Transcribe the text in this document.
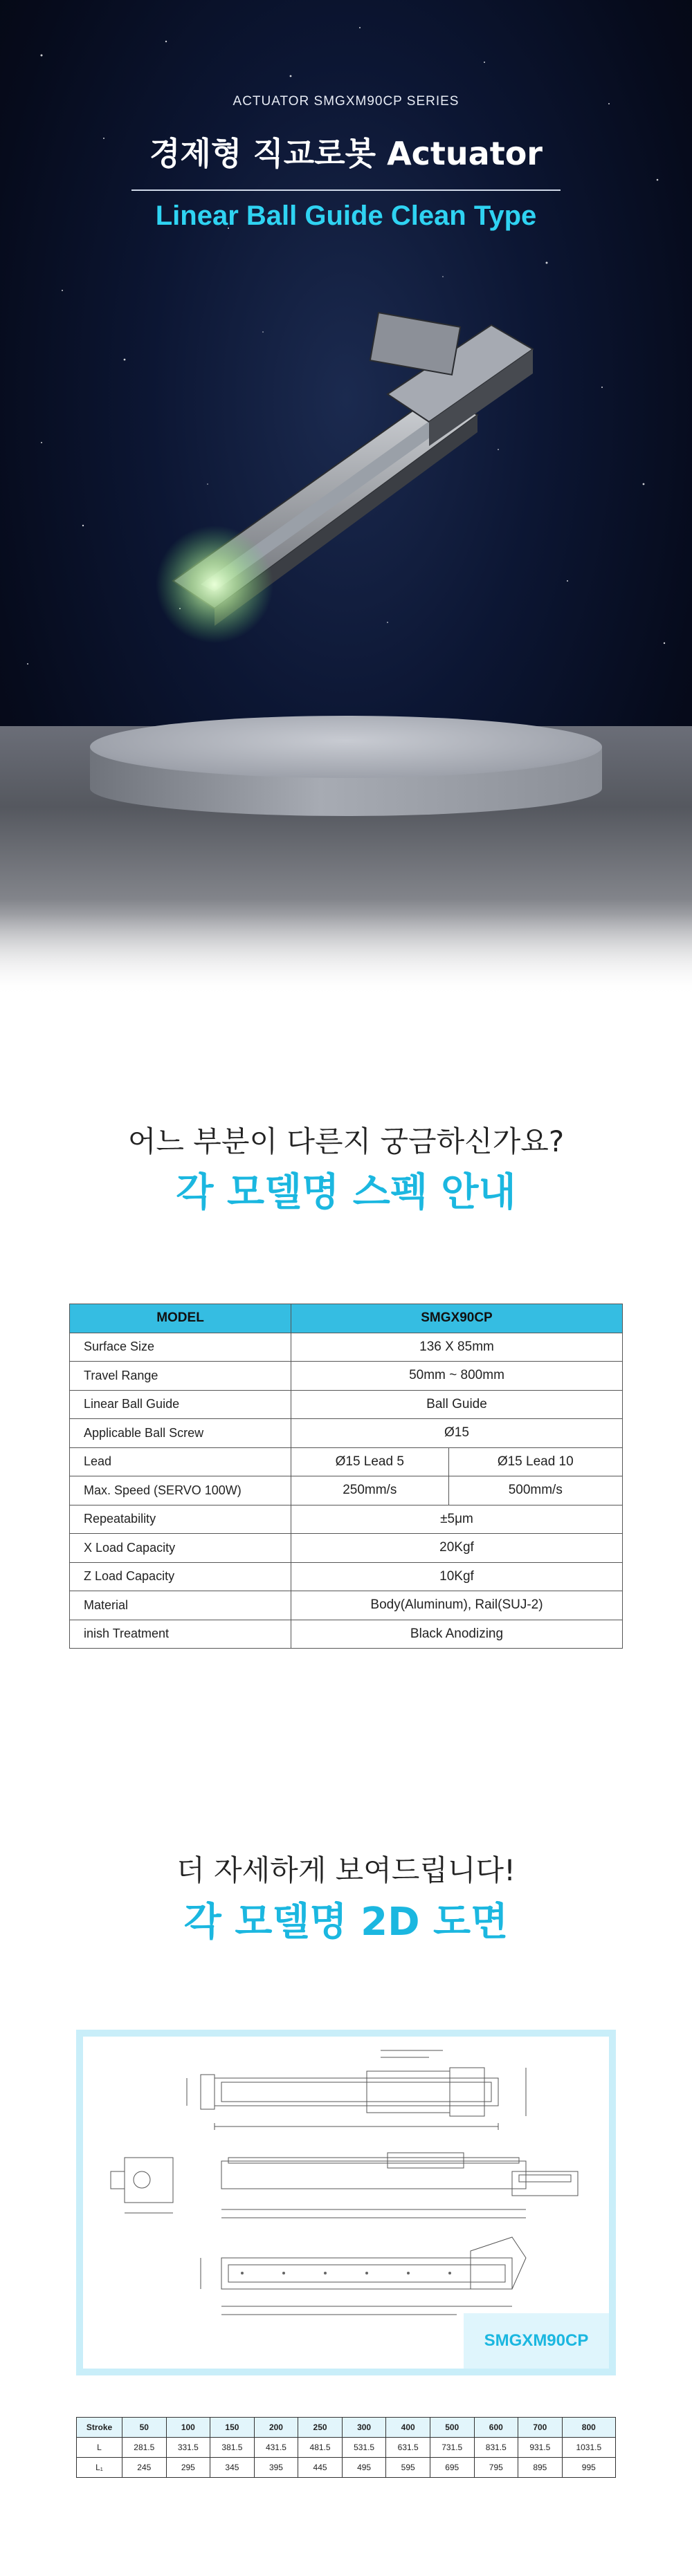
ACTUATOR SMGXM90CP SERIES
경제형 직교로봇 Actuator
Linear Ball Guide Clean Type
어느 부분이 다른지 궁금하신가요?
각 모델명 스펙 안내
MODEL	SMGX90CP	
Surface Size	136 X 85mm	
Travel Range	50mm ~ 800mm	
Linear Ball Guide	Ball Guide	
Applicable Ball Screw	Ø15	
Lead	Ø15 Lead 5	Ø15 Lead 10
Max. Speed (SERVO 100W)	250mm/s	500mm/s
Repeatability	±5μm	
X Load Capacity	20Kgf	
Z Load Capacity	10Kgf	
Material	Body(Aluminum), Rail(SUJ-2)	
inish Treatment	Black Anodizing	
더 자세하게 보여드립니다!
각 모델명 2D 도면
SMGXM90CP
Stroke	50	100	150	200	250	300	400	500	600	700	800
L	281.5	331.5	381.5	431.5	481.5	531.5	631.5	731.5	831.5	931.5	1031.5
L₁	245	295	345	395	445	495	595	695	795	895	995
